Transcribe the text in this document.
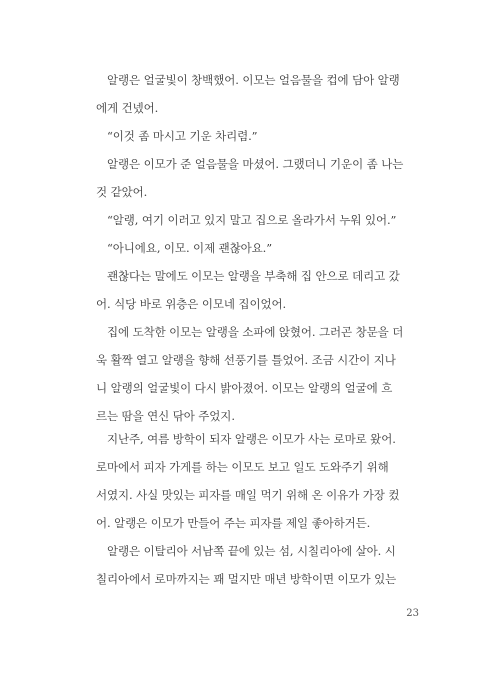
알랭은 얼굴빛이 창백했어. 이모는 얼음물을 컵에 담아 알랭
에게 건넸어.
“이것 좀 마시고 기운 차리렴.”
알랭은 이모가 준 얼음물을 마셨어. 그랬더니 기운이 좀 나는
것 같았어.
“알랭, 여기 이러고 있지 말고 집으로 올라가서 누워 있어.”
“아니에요, 이모. 이제 괜찮아요.”
괜찮다는 말에도 이모는 알랭을 부축해 집 안으로 데리고 갔
어. 식당 바로 위층은 이모네 집이었어.
집에 도착한 이모는 알랭을 소파에 앉혔어. 그러곤 창문을 더
욱 활짝 열고 알랭을 향해 선풍기를 틀었어. 조금 시간이 지나
니 알랭의 얼굴빛이 다시 밝아졌어. 이모는 알랭의 얼굴에 흐
르는 땀을 연신 닦아 주었지.
지난주, 여름 방학이 되자 알랭은 이모가 사는 로마로 왔어.
로마에서 피자 가게를 하는 이모도 보고 일도 도와주기 위해
서였지. 사실 맛있는 피자를 매일 먹기 위해 온 이유가 가장 컸
어. 알랭은 이모가 만들어 주는 피자를 제일 좋아하거든.
알랭은 이탈리아 서남쪽 끝에 있는 섬, 시칠리아에 살아. 시
칠리아에서 로마까지는 꽤 멀지만 매년 방학이면 이모가 있는
23
